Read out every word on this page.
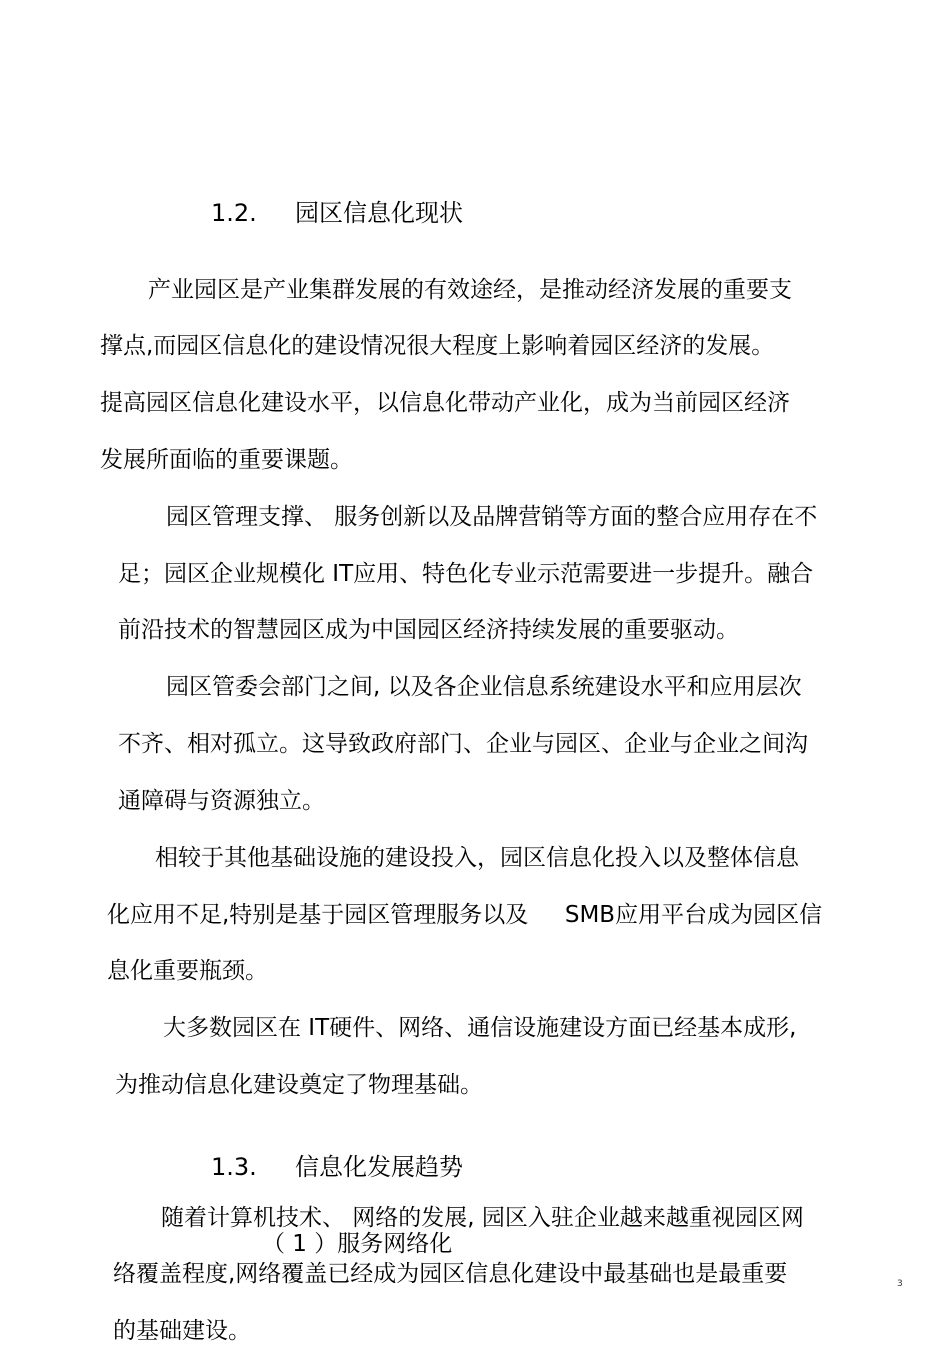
1.2. 园区信息化现状
产业园区是产业集群发展的有效途经，是推动经济发展的重要支
撑点,而园区信息化的建设情况很大程度上影响着园区经济的发展。
提高园区信息化建设水平，以信息化带动产业化，成为当前园区经济
发展所面临的重要课题。
园区管理支撑、 服务创新以及品牌营销等方面的整合应用存在不
足；园区企业规模化 IT应用、特色化专业示范需要进一步提升。融合
前沿技术的智慧园区成为中国园区经济持续发展的重要驱动。
园区管委会部门之间, 以及各企业信息系统建设水平和应用层次
不齐、相对孤立。这导致政府部门、企业与园区、企业与企业之间沟
通障碍与资源独立。
相较于其他基础设施的建设投入，园区信息化投入以及整体信息
化应用不足,特别是基于园区管理服务以及     SMB应用平台成为园区信
息化重要瓶颈。
大多数园区在 IT硬件、网络、通信设施建设方面已经基本成形,
为推动信息化建设奠定了物理基础。
1.3. 信息化发展趋势
随着计算机技术、 网络的发展, 园区入驻企业越来越重视园区网
（ 1 ）服务网络化
络覆盖程度,网络覆盖已经成为园区信息化建设中最基础也是最重要
的基础建设。
3
